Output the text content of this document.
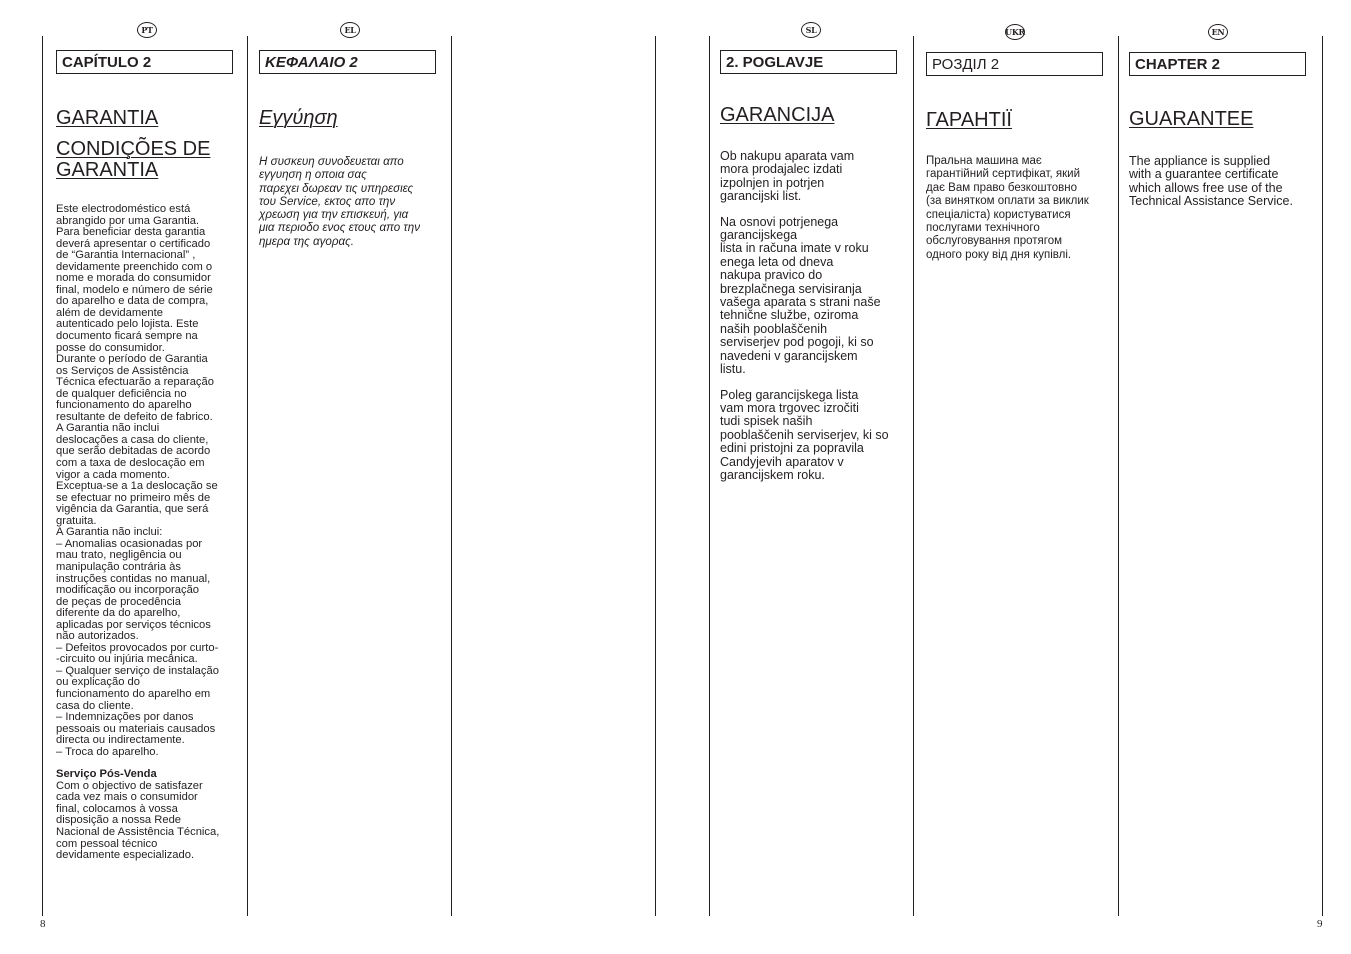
PT	EL	SL	UKR	EN
CAPÍTULO 2
GARANTIA
CONDIÇÕES DE
GARANTIA
Este electrodoméstico está
abrangido por uma Garantia.
Para beneficiar desta garantia
deverá apresentar o certificado
de “Garantia Internacional” ,
devidamente preenchido com o
nome e morada do consumidor
final, modelo e número de série
do aparelho e data de compra,
além de devidamente
autenticado pelo lojista. Este
documento ficará sempre na
posse do consumidor.
Durante o período de Garantia
os Serviços de Assistência
Técnica efectuarão a reparação
de qualquer deficiência no
funcionamento do aparelho
resultante de defeito de fabrico.
A Garantia não inclui
deslocações a casa do cliente,
que serão debitadas de acordo
com a taxa de deslocação em
vigor a cada momento.
Exceptua-se a 1a deslocação se
se efectuar no primeiro mês de
vigência da Garantia, que será
gratuita.
A Garantia não inclui:
– Anomalias ocasionadas por
mau trato, negligência ou
manipulação contrária às
instruções contidas no manual,
modificação ou incorporação
de peças de procedência
diferente da do aparelho,
aplicadas por serviços técnicos
não autorizados.
– Defeitos provocados por curto-
-circuito ou injúria mecânica.
– Qualquer serviço de instalação
ou explicação do
funcionamento do aparelho em
casa do cliente.
– Indemnizações por danos
pessoais ou materiais causados
directa ou indirectamente.
– Troca do aparelho.
Serviço Pós-Venda
Com o objectivo de satisfazer
cada vez mais o consumidor
final, colocamos à vossa
disposição a nossa Rede
Nacional de Assistência Técnica,
com pessoal técnico
devidamente especializado.
ΚΕΦΑΛΑΙΟ 2
Εγγύηση
Η συσκευη συνοδευεται απο
εγγυηση η οποια σας
παρεχει δωρεαν τις υπηρεσιες
του Service, εκτος απο την
χρεωση για την επισκευή, για
μια περιοδο ενος ετους απο την
ημερα της αγορας.
2. POGLAVJE
GARANCIJA
Ob nakupu aparata vam
mora prodajalec izdati
izpolnjen in potrjen
garancijski list.
Na osnovi potrjenega
garancijskega
lista in računa imate v roku
enega leta od dneva
nakupa pravico do
brezplačnega servisiranja
vašega aparata s strani naše
tehnične službe, oziroma
naših pooblaščenih
serviserjev pod pogoji, ki so
navedeni v garancijskem
listu.
Poleg garancijskega lista
vam mora trgovec izročiti
tudi spisek naših
pooblaščenih serviserjev, ki so
edini pristojni za popravila
Candyjevih aparatov v
garancijskem roku.
РОЗДІЛ 2
ГАРАНТІЇ
Пральна машина має
гарантійний сертифікат, який
дає Вам право безкоштовно
(за винятком оплати за виклик
спеціаліста) користуватися
послугами технічного
обслуговування протягом
одного року від дня купівлі.
CHAPTER 2
GUARANTEE
The appliance is supplied
with a guarantee certificate
which allows free use of the
Technical Assistance Service.
8	9
